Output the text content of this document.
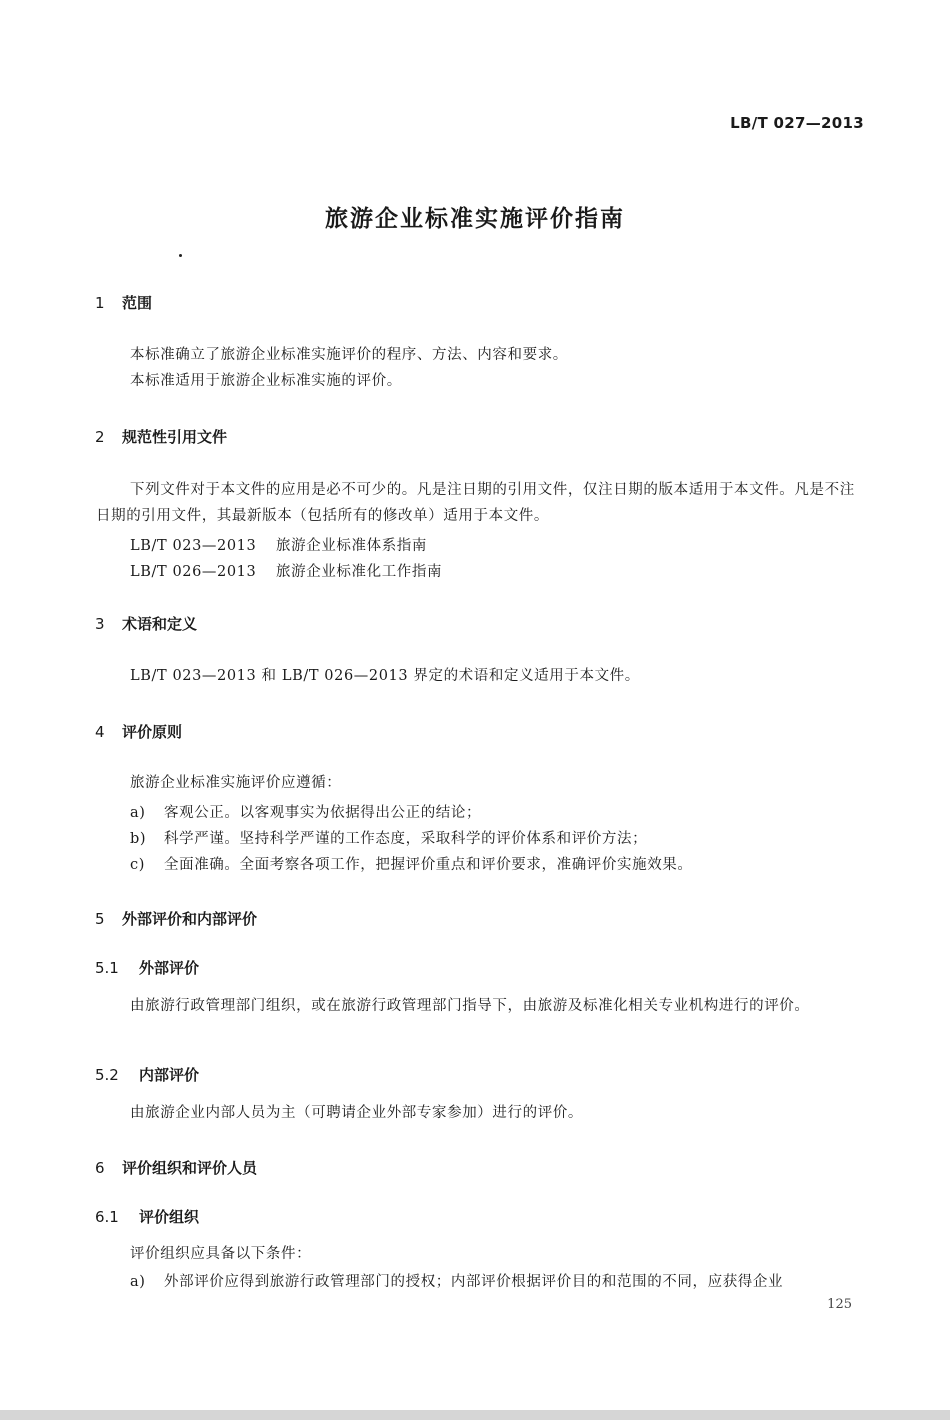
LB/T 027—2013
旅游企业标准实施评价指南
1 范围
本标准确立了旅游企业标准实施评价的程序、方法、内容和要求。
本标准适用于旅游企业标准实施的评价。
2 规范性引用文件
下列文件对于本文件的应用是必不可少的。凡是注日期的引用文件，仅注日期的版本适用于本文件。凡是不注日期的引用文件，其最新版本（包括所有的修改单）适用于本文件。
LB/T 023—2013 旅游企业标准体系指南
LB/T 026—2013 旅游企业标准化工作指南
3 术语和定义
LB/T 023—2013 和 LB/T 026—2013 界定的术语和定义适用于本文件。
4 评价原则
旅游企业标准实施评价应遵循：
a) 客观公正。以客观事实为依据得出公正的结论；
b) 科学严谨。坚持科学严谨的工作态度，采取科学的评价体系和评价方法；
c) 全面准确。全面考察各项工作，把握评价重点和评价要求，准确评价实施效果。
5 外部评价和内部评价
5.1 外部评价
由旅游行政管理部门组织，或在旅游行政管理部门指导下，由旅游及标准化相关专业机构进行的评价。
5.2 内部评价
由旅游企业内部人员为主（可聘请企业外部专家参加）进行的评价。
6 评价组织和评价人员
6.1 评价组织
评价组织应具备以下条件：
a) 外部评价应得到旅游行政管理部门的授权；内部评价根据评价目的和范围的不同，应获得企业
125
